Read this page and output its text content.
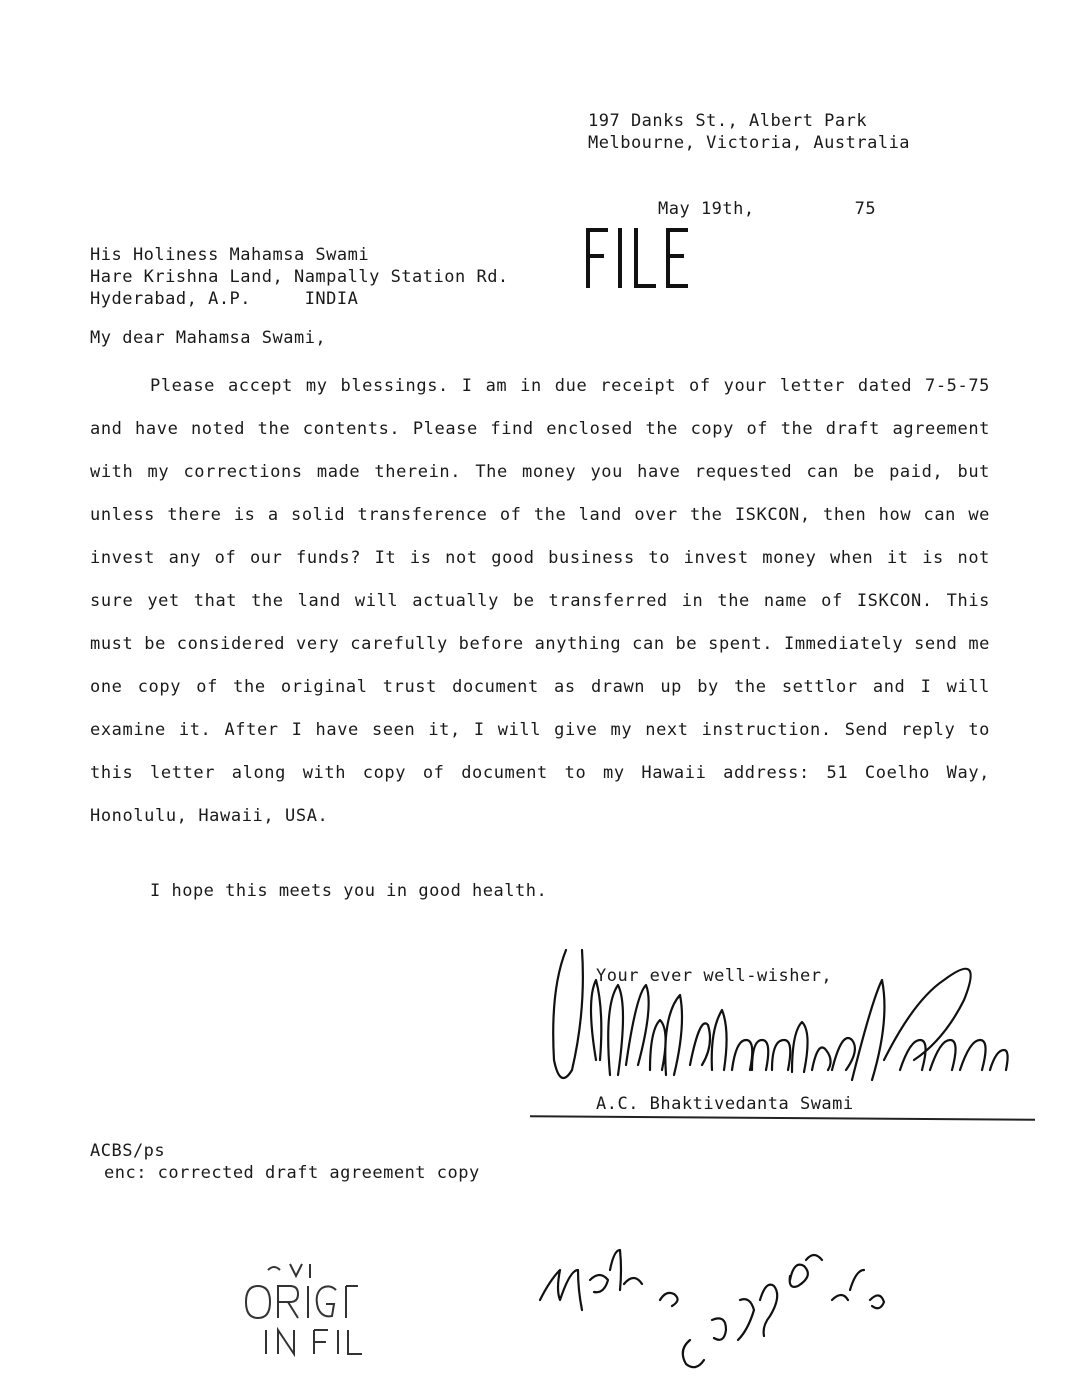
197 Danks St., Albert Park
Melbourne, Victoria, Australia
May 19th,	75
His Holiness Mahamsa Swami
Hare Krishna Land, Nampally Station Rd.
Hyderabad, A.P.     INDIA
My dear Mahamsa Swami,
Please accept my blessings. I am in due receipt of your letter dated 7-5-75 and have noted the contents. Please find enclosed the copy of the draft agreement with my corrections made therein. The money you have requested can be paid, but unless there is a solid transference of the land over the ISKCON, then how can we invest any of our funds? It is not good business to invest money when it is not sure yet that the land will actually be transferred in the name of ISKCON. This must be considered very carefully before anything can be spent. Immediately send me one copy of the original trust document as drawn up by the settlor and I will examine it. After I have seen it, I will give my next instruction. Send reply to this letter along with copy of document to my Hawaii address: 51 Coelho Way, Honolulu, Hawaii, USA.
I hope this meets you in good health.
Your ever well-wisher,
A.C. Bhaktivedanta Swami
ACBS/ps
enc: corrected draft agreement copy
